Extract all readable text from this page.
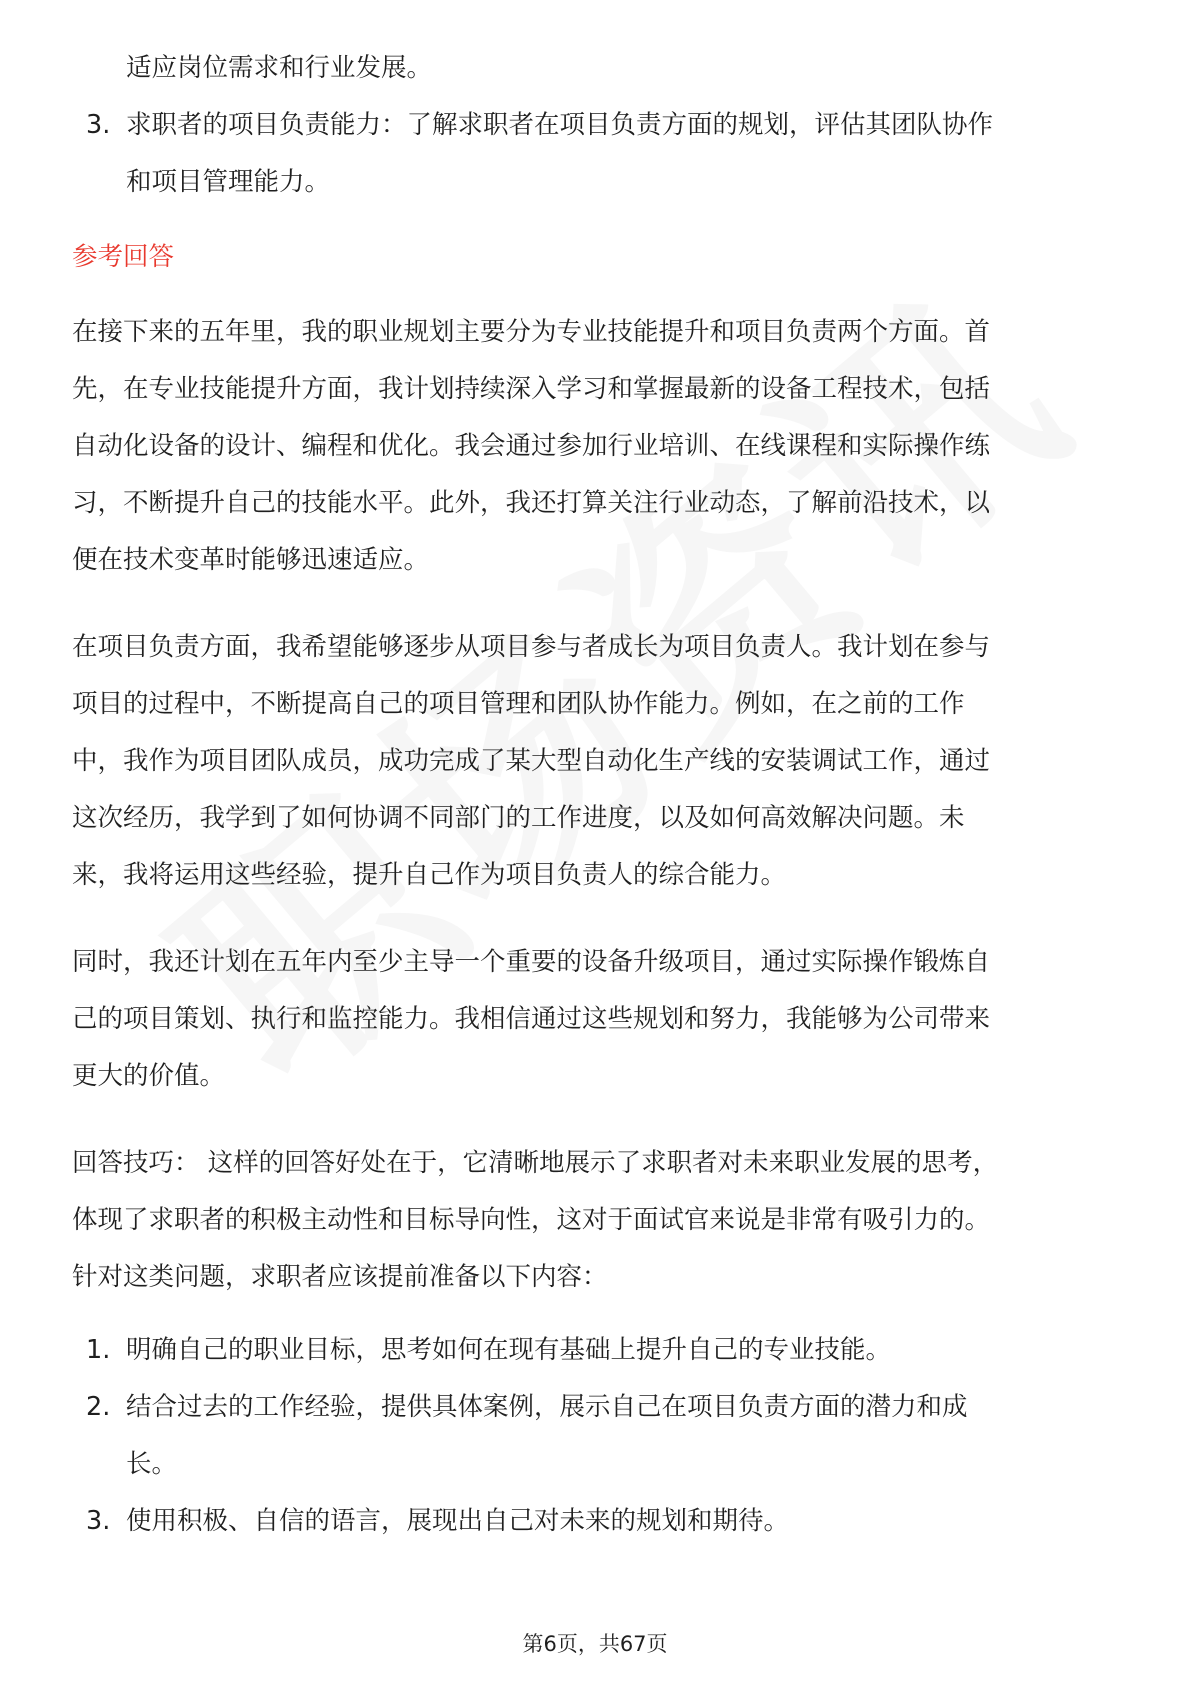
适应岗位需求和行业发展。
3. 求职者的项目负责能力：了解求职者在项目负责方面的规划，评估其团队协作
和项目管理能力。
参考回答
在接下来的五年里，我的职业规划主要分为专业技能提升和项目负责两个方面。首
先，在专业技能提升方面，我计划持续深入学习和掌握最新的设备工程技术，包括
自动化设备的设计、编程和优化。我会通过参加行业培训、在线课程和实际操作练
习，不断提升自己的技能水平。此外，我还打算关注行业动态，了解前沿技术，以
便在技术变革时能够迅速适应。
在项目负责方面，我希望能够逐步从项目参与者成长为项目负责人。我计划在参与
项目的过程中，不断提高自己的项目管理和团队协作能力。例如，在之前的工作
中，我作为项目团队成员，成功完成了某大型自动化生产线的安装调试工作，通过
这次经历，我学到了如何协调不同部门的工作进度，以及如何高效解决问题。未
来，我将运用这些经验，提升自己作为项目负责人的综合能力。
同时，我还计划在五年内至少主导一个重要的设备升级项目，通过实际操作锻炼自
己的项目策划、执行和监控能力。我相信通过这些规划和努力，我能够为公司带来
更大的价值。
回答技巧： 这样的回答好处在于，它清晰地展示了求职者对未来职业发展的思考，
体现了求职者的积极主动性和目标导向性，这对于面试官来说是非常有吸引力的。
针对这类问题，求职者应该提前准备以下内容：
1. 明确自己的职业目标，思考如何在现有基础上提升自己的专业技能。
2. 结合过去的工作经验，提供具体案例，展示自己在项目负责方面的潜力和成
长。
3. 使用积极、自信的语言，展现出自己对未来的规划和期待。
第6页，共67页
